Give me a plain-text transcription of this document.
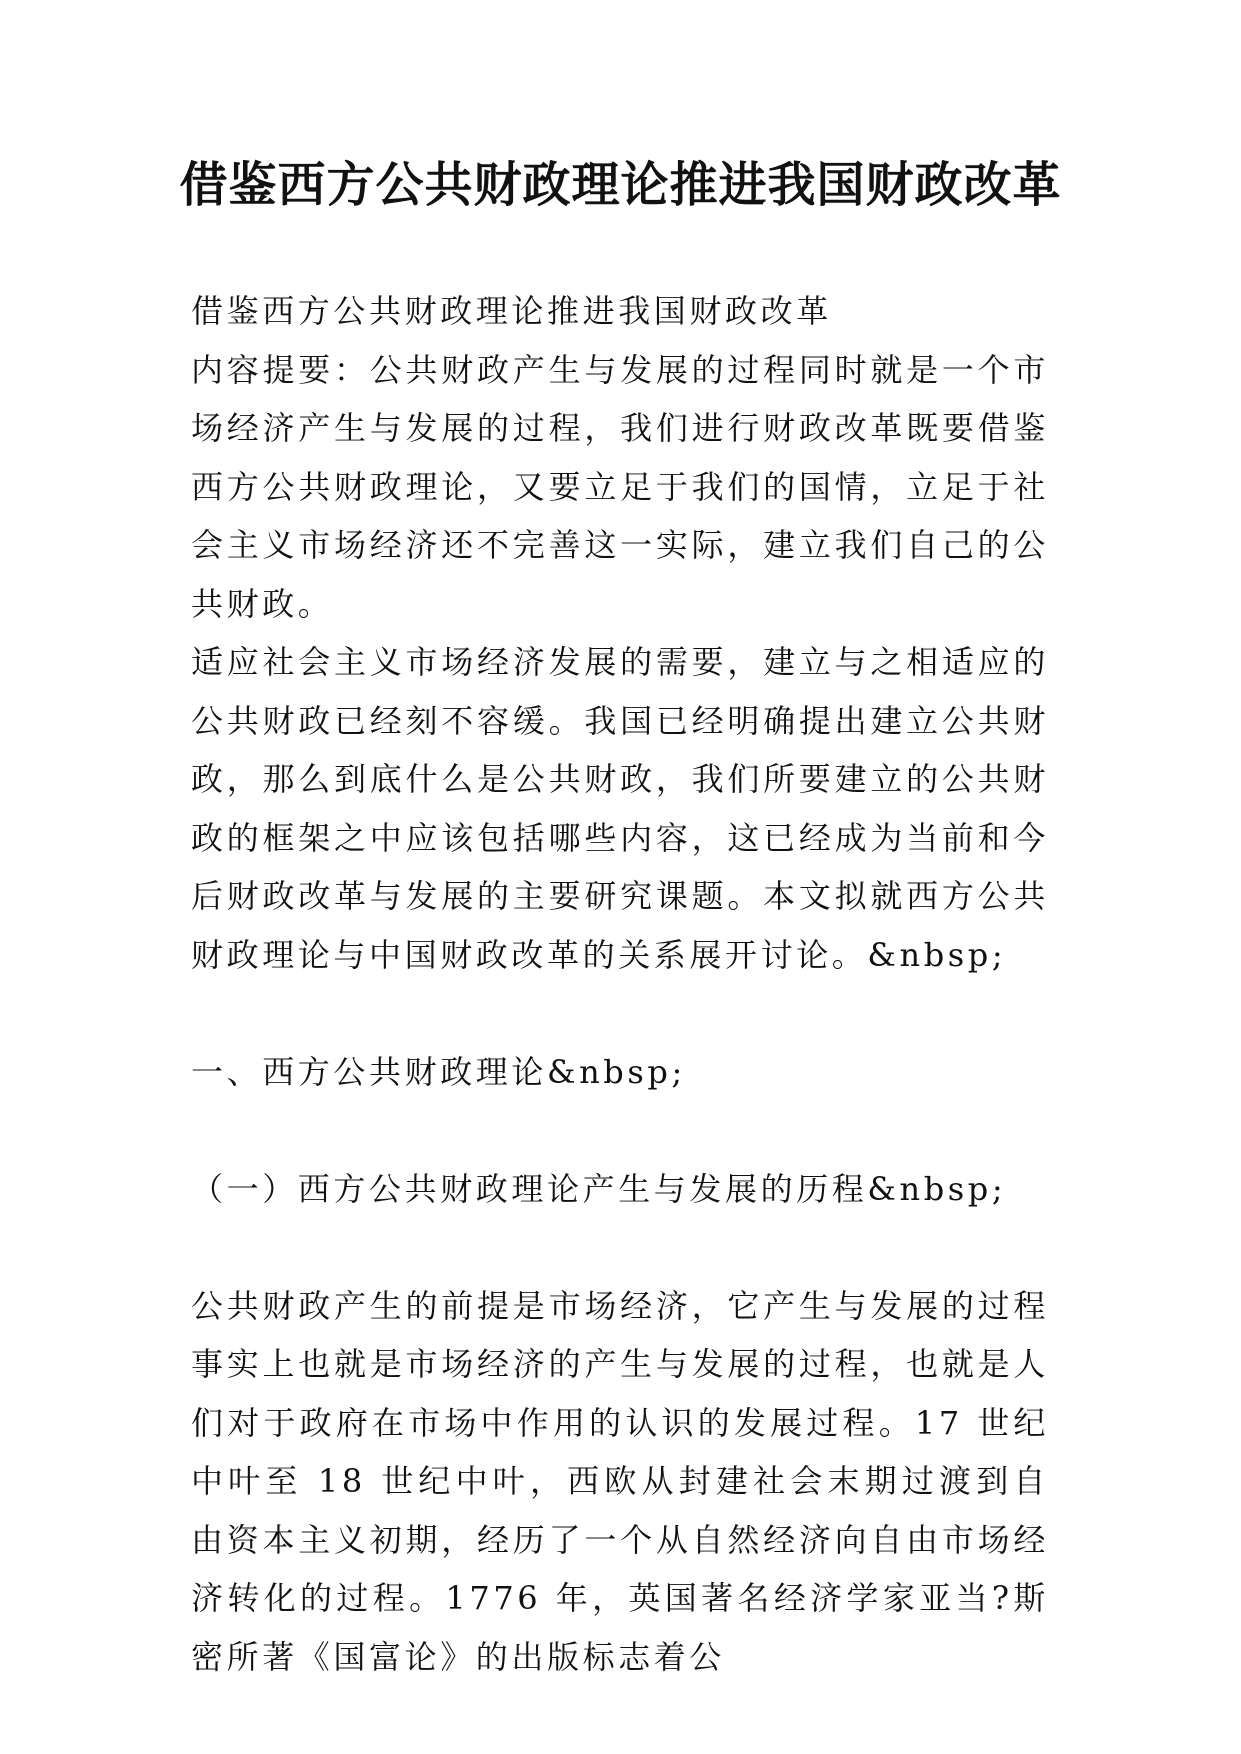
借鉴西方公共财政理论推进我国财政改革

借鉴西方公共财政理论推进我国财政改革

内容提要：公共财政产生与发展的过程同时就是一个市场经济产生与发展的过程，我们进行财政改革既要借鉴西方公共财政理论，又要立足于我们的国情，立足于社会主义市场经济还不完善这一实际，建立我们自己的公共财政。

适应社会主义市场经济发展的需要，建立与之相适应的公共财政已经刻不容缓。我国已经明确提出建立公共财政，那么到底什么是公共财政，我们所要建立的公共财政的框架之中应该包括哪些内容，这已经成为当前和今后财政改革与发展的主要研究课题。本文拟就西方公共财政理论与中国财政改革的关系展开讨论。&nbsp;

一、西方公共财政理论&nbsp;

（一）西方公共财政理论产生与发展的历程&nbsp;

公共财政产生的前提是市场经济，它产生与发展的过程事实上也就是市场经济的产生与发展的过程，也就是人们对于政府在市场中作用的认识的发展过程。17 世纪中叶至 18 世纪中叶，西欧从封建社会末期过渡到自由资本主义初期，经历了一个从自然经济向自由市场经济转化的过程。1776 年，英国著名经济学家亚当?斯密所著《国富论》的出版标志着公
